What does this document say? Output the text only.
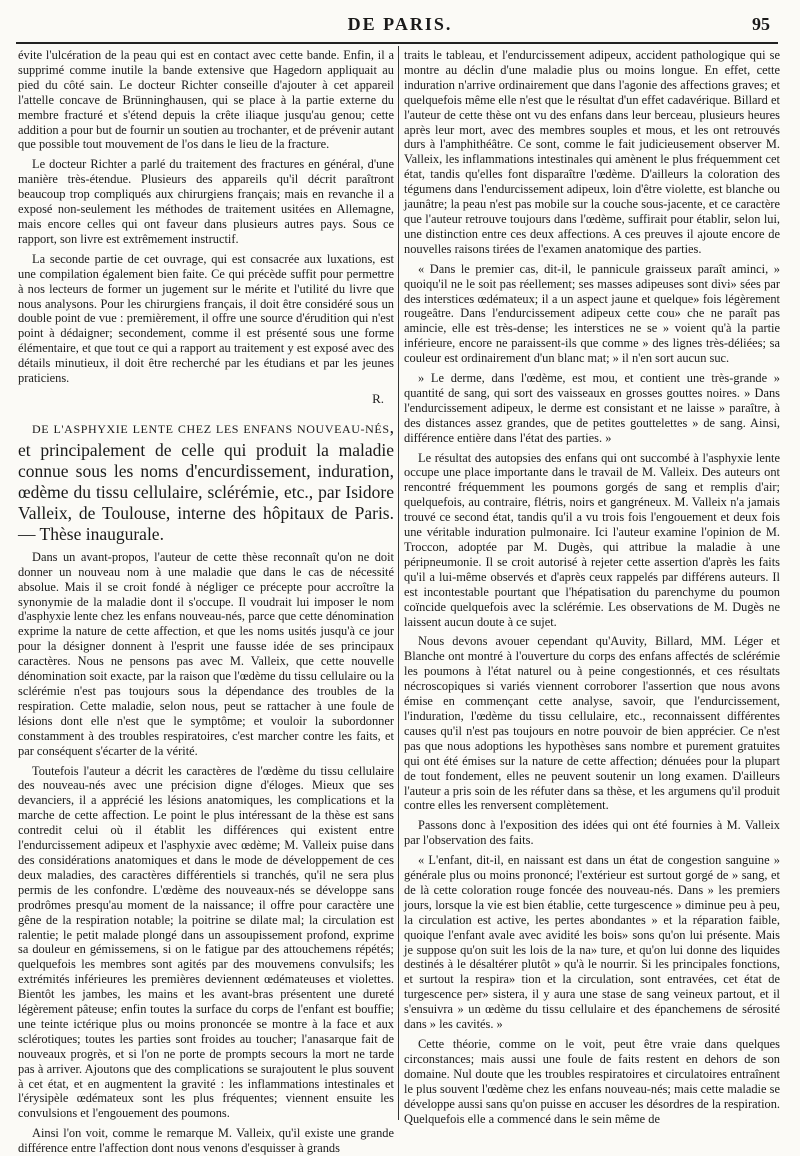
DE PARIS.	95

évite l'ulcération de la peau qui est en contact avec cette bande. Enfin, il a supprimé comme inutile la bande extensive que Hagedorn appliquait au pied du côté sain. Le docteur Richter conseille d'ajouter à cet appareil l'attelle concave de Brünninghausen, qui se place à la partie externe du membre fracturé et s'étend depuis la crête iliaque jusqu'au genou; cette addition a pour but de fournir un soutien au trochanter, et de prévenir autant que possible tout mouvement de l'os dans le lieu de la fracture.

Le docteur Richter a parlé du traitement des fractures en général, d'une manière très-étendue. Plusieurs des appareils qu'il décrit paraîtront beaucoup trop compliqués aux chirurgiens français; mais en revanche il a exposé non-seulement les méthodes de traitement usitées en Allemagne, mais encore celles qui ont faveur dans plusieurs autres pays. Sous ce rapport, son livre est extrêmement instructif.

La seconde partie de cet ouvrage, qui est consacrée aux luxations, est une compilation également bien faite. Ce qui précède suffit pour permettre à nos lecteurs de former un jugement sur le mérite et l'utilité du livre que nous analysons. Pour les chirurgiens français, il doit être considéré sous un double point de vue : premièrement, il offre une source d'érudition qui n'est point à dédaigner; secondement, comme il est présenté sous une forme élémentaire, et que tout ce qui a rapport au traitement y est exposé avec des détails minutieux, il doit être recherché par les étudians et par les jeunes praticiens.

R.

DE L'ASPHYXIE LENTE CHEZ LES ENFANS NOUVEAU-NÉS, et principalement de celle qui produit la maladie connue sous les noms d'encurdissement, induration, œdème du tissu cellulaire, sclérémie, etc., par Isidore Valleix, de Toulouse, interne des hôpitaux de Paris. — Thèse inaugurale.

Dans un avant-propos, l'auteur de cette thèse reconnaît qu'on ne doit donner un nouveau nom à une maladie que dans le cas de nécessité absolue. Mais il se croit fondé à négliger ce précepte pour accroître la synonymie de la maladie dont il s'occupe. Il voudrait lui imposer le nom d'asphyxie lente chez les enfans nouveau-nés, parce que cette dénomination exprime la nature de cette affection, et que les noms usités jusqu'à ce jour pour la désigner donnent à l'esprit une fausse idée de ses principaux caractères. Nous ne pensons pas avec M. Valleix, que cette nouvelle dénomination soit exacte, par la raison que l'œdème du tissu cellulaire ou la sclérémie n'est pas toujours sous la dépendance des troubles de la respiration. Cette maladie, selon nous, peut se rattacher à une foule de lésions dont elle n'est que le symptôme; et vouloir la subordonner constamment à des troubles respiratoires, c'est marcher contre les faits, et par conséquent s'écarter de la vérité.

Toutefois l'auteur a décrit les caractères de l'œdème du tissu cellulaire des nouveau-nés avec une précision digne d'éloges. Mieux que ses devanciers, il a apprécié les lésions anatomiques, les complications et la marche de cette affection. Le point le plus intéressant de la thèse est sans contredit celui où il établit les différences qui existent entre l'endurcissement adipeux et l'asphyxie avec œdème; M. Valleix puise dans des considérations anatomiques et dans le mode de développement de ces deux maladies, des caractères différentiels si tranchés, qu'il ne sera plus permis de les confondre. L'œdème des nouveaux-nés se développe sans prodrômes presqu'au moment de la naissance; il offre pour caractère une gêne de la respiration notable; la poitrine se dilate mal; la circulation est ralentie; le petit malade plongé dans un assoupissement profond, exprime sa douleur en gémissemens, si on le fatigue par des attouchemens répétés; quelquefois les membres sont agités par des mouvemens convulsifs; les extrémités inférieures les premières deviennent œdémateuses et violettes. Bientôt les jambes, les mains et les avant-bras présentent une dureté légèrement pâteuse; enfin toutes la surface du corps de l'enfant est bouffie; une teinte ictérique plus ou moins prononcée se montre à la face et aux sclérotiques; toutes les parties sont froides au toucher; l'anasarque fait de nouveaux progrès, et si l'on ne porte de prompts secours la mort ne tarde pas à arriver. Ajoutons que des complications se surajoutent le plus souvent à cet état, et en augmentent la gravité : les inflammations intestinales et l'érysipèle œdémateux sont les plus fréquentes; viennent ensuite les convulsions et l'engouement des poumons.

Ainsi l'on voit, comme le remarque M. Valleix, qu'il existe une grande différence entre l'affection dont nous venons d'esquisser à grands

traits le tableau, et l'endurcissement adipeux, accident pathologique qui se montre au déclin d'une maladie plus ou moins longue. En effet, cette induration n'arrive ordinairement que dans l'agonie des affections graves; et quelquefois même elle n'est que le résultat d'un effet cadavérique. Billard et l'auteur de cette thèse ont vu des enfans dans leur berceau, plusieurs heures après leur mort, avec des membres souples et mous, et les ont retrouvés durs à l'amphithéâtre. Ce sont, comme le fait judicieusement observer M. Valleix, les inflammations intestinales qui amènent le plus fréquemment cet état, tandis qu'elles font disparaître l'œdème. D'ailleurs la coloration des tégumens dans l'endurcissement adipeux, loin d'être violette, est blanche ou jaunâtre; la peau n'est pas mobile sur la couche sous-jacente, et ce caractère que l'auteur retrouve toujours dans l'œdème, suffirait pour établir, selon lui, une distinction entre ces deux affections. A ces preuves il ajoute encore de nouvelles raisons tirées de l'examen anatomique des parties.

« Dans le premier cas, dit-il, le pannicule graisseux paraît aminci, » quoiqu'il ne le soit pas réellement; ses masses adipeuses sont divi» sées par des interstices œdémateux; il a un aspect jaune et quelque» fois légèrement rougeâtre. Dans l'endurcissement adipeux cette cou» che ne paraît pas amincie, elle est très-dense; les interstices ne se » voient qu'à la partie inférieure, encore ne paraissent-ils que comme » des lignes très-déliées; sa couleur est ordinairement d'un blanc mat; » il n'en sort aucun suc.

» Le derme, dans l'œdème, est mou, et contient une très-grande » quantité de sang, qui sort des vaisseaux en grosses gouttes noires. » Dans l'endurcissement adipeux, le derme est consistant et ne laisse » paraître, à des distances assez grandes, que de petites gouttelettes » de sang. Ainsi, différence entière dans l'état des parties. »

Le résultat des autopsies des enfans qui ont succombé à l'asphyxie lente occupe une place importante dans le travail de M. Valleix. Des auteurs ont rencontré fréquemment les poumons gorgés de sang et remplis d'air; quelquefois, au contraire, flétris, noirs et gangréneux. M. Valleix n'a jamais trouvé ce second état, tandis qu'il a vu trois fois l'engouement et deux fois une véritable induration pulmonaire. Ici l'auteur examine l'opinion de M. Troccon, adoptée par M. Dugès, qui attribue la maladie à une péripneumonie. Il se croit autorisé à rejeter cette assertion d'après les faits qu'il a lui-même observés et d'après ceux rappelés par différens auteurs. Il est incontestable pourtant que l'hépatisation du parenchyme du poumon coïncide quelquefois avec la sclérémie. Les observations de M. Dugès ne laissent aucun doute à ce sujet.

Nous devons avouer cependant qu'Auvity, Billard, MM. Léger et Blanche ont montré à l'ouverture du corps des enfans affectés de sclérémie les poumons à l'état naturel ou à peine congestionnés, et ces résultats nécroscopiques si variés viennent corroborer l'assertion que nous avons émise en commençant cette analyse, savoir, que l'endurcissement, l'induration, l'œdème du tissu cellulaire, etc., reconnaissent différentes causes qu'il n'est pas toujours en notre pouvoir de bien apprécier. Ce n'est pas que nous adoptions les hypothèses sans nombre et purement gratuites qui ont été émises sur la nature de cette affection; dénuées pour la plupart de tout fondement, elles ne peuvent soutenir un long examen. D'ailleurs l'auteur a pris soin de les réfuter dans sa thèse, et les argumens qu'il produit contre elles les renversent complètement.

Passons donc à l'exposition des idées qui ont été fournies à M. Valleix par l'observation des faits.

« L'enfant, dit-il, en naissant est dans un état de congestion sanguine » générale plus ou moins prononcé; l'extérieur est surtout gorgé de » sang, et de là cette coloration rouge foncée des nouveau-nés. Dans » les premiers jours, lorsque la vie est bien établie, cette turgescence » diminue peu à peu, la circulation est active, les pertes abondantes » et la réparation faible, quoique l'enfant avale avec avidité les bois» sons qu'on lui présente. Mais je suppose qu'on suit les lois de la na» ture, et qu'on lui donne des liquides destinés à le désaltérer plutôt » qu'à le nourrir. Si les principales fonctions, et surtout la respira» tion et la circulation, sont entravées, cet état de turgescence per» sistera, il y aura une stase de sang veineux partout, et il s'ensuivra » un œdème du tissu cellulaire et des épanchemens de sérosité dans » les cavités. »

Cette théorie, comme on le voit, peut être vraie dans quelques circonstances; mais aussi une foule de faits restent en dehors de son domaine. Nul doute que les troubles respiratoires et circulatoires entraînent le plus souvent l'œdème chez les enfans nouveau-nés; mais cette maladie se développe aussi sans qu'on puisse en accuser les désordres de la respiration. Quelquefois elle a commencé dans le sein même de
